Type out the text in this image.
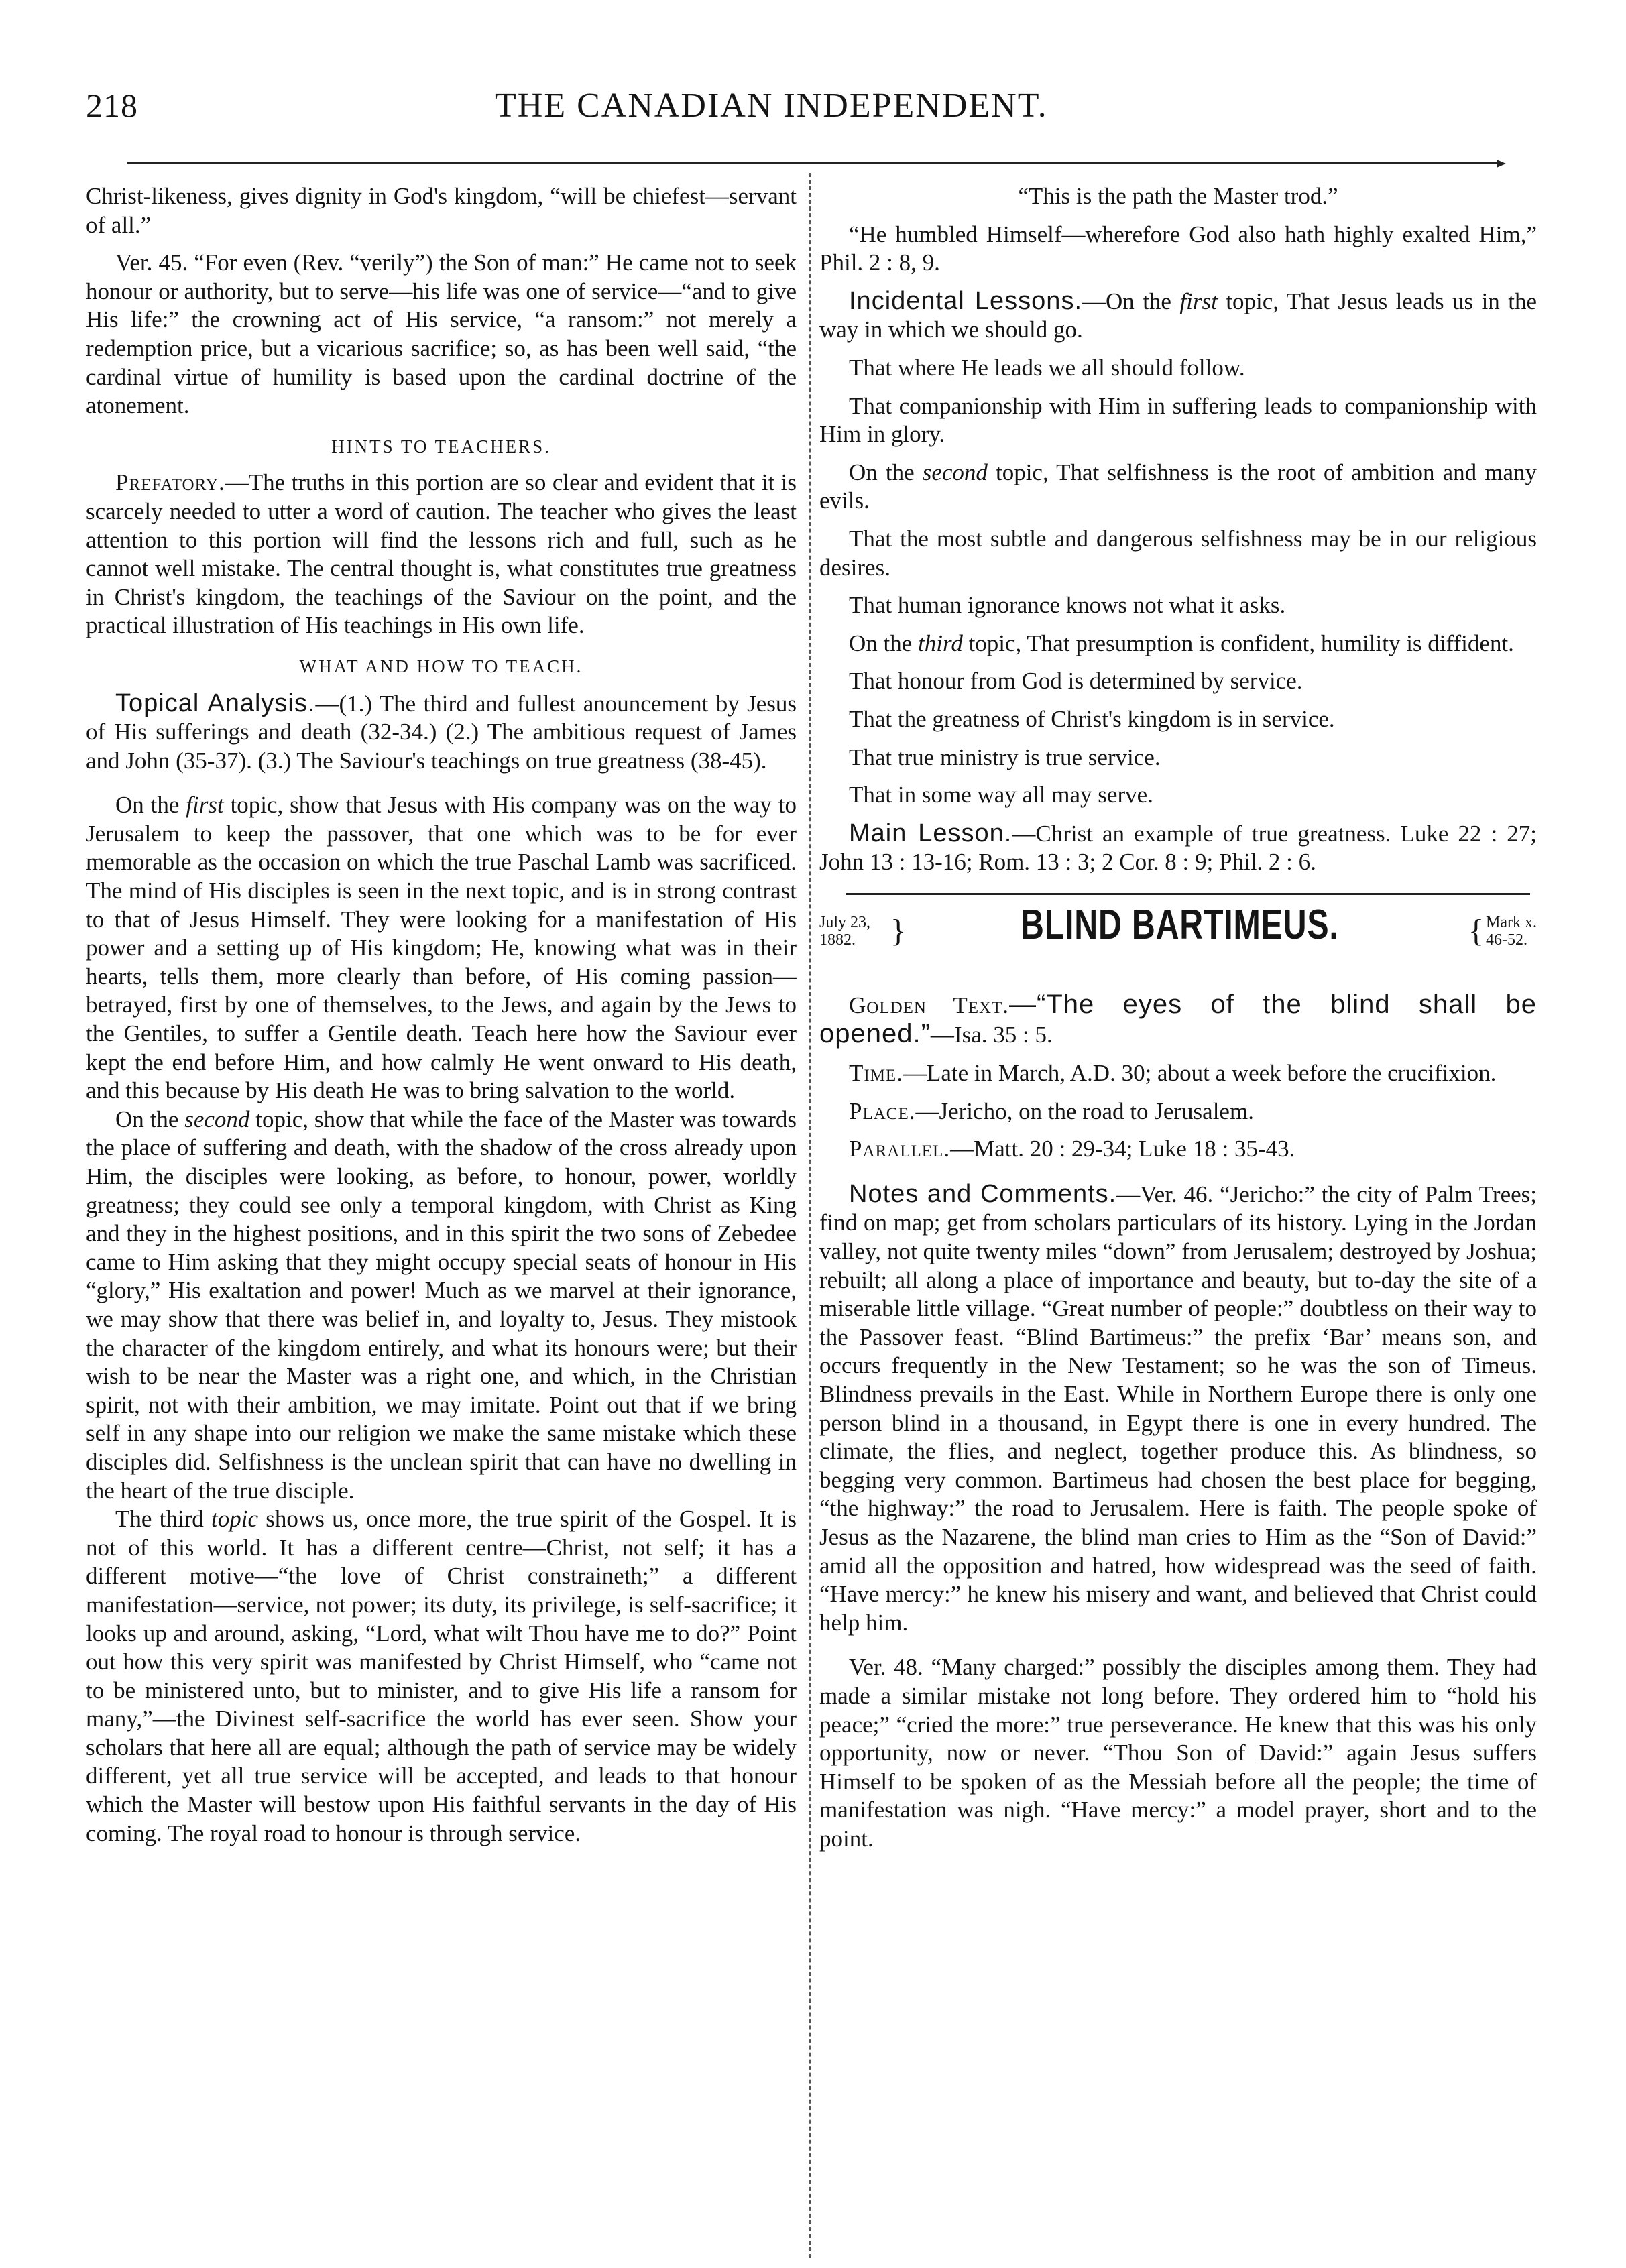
218	THE CANADIAN INDEPENDENT.

Christ-likeness, gives dignity in God's kingdom, “will be chiefest—servant of all.”

Ver. 45. “For even (Rev. “verily”) the Son of man:” He came not to seek honour or authority, but to serve—his life was one of service—“and to give His life:” the crowning act of His service, “a ransom:” not merely a redemption price, but a vicarious sacrifice; so, as has been well said, “the cardinal virtue of humility is based upon the cardinal doctrine of the atonement.

HINTS TO TEACHERS.

Prefatory.—The truths in this portion are so clear and evident that it is scarcely needed to utter a word of caution. The teacher who gives the least attention to this portion will find the lessons rich and full, such as he cannot well mistake. The central thought is, what constitutes true greatness in Christ's kingdom, the teachings of the Saviour on the point, and the practical illustration of His teachings in His own life.

WHAT AND HOW TO TEACH.

Topical Analysis.—(1.) The third and fullest anouncement by Jesus of His sufferings and death (32-34.) (2.) The ambitious request of James and John (35-37). (3.) The Saviour's teachings on true greatness (38-45).

On the first topic, show that Jesus with His company was on the way to Jerusalem to keep the passover, that one which was to be for ever memorable as the occasion on which the true Paschal Lamb was sacrificed. The mind of His disciples is seen in the next topic, and is in strong contrast to that of Jesus Himself. They were looking for a manifestation of His power and a setting up of His kingdom; He, knowing what was in their hearts, tells them, more clearly than before, of His coming passion—betrayed, first by one of themselves, to the Jews, and again by the Jews to the Gentiles, to suffer a Gentile death. Teach here how the Saviour ever kept the end before Him, and how calmly He went onward to His death, and this because by His death He was to bring salvation to the world.

On the second topic, show that while the face of the Master was towards the place of suffering and death, with the shadow of the cross already upon Him, the disciples were looking, as before, to honour, power, worldly greatness; they could see only a temporal kingdom, with Christ as King and they in the highest positions, and in this spirit the two sons of Zebedee came to Him asking that they might occupy special seats of honour in His “glory,” His exaltation and power! Much as we marvel at their ignorance, we may show that there was belief in, and loyalty to, Jesus. They mistook the character of the kingdom entirely, and what its honours were; but their wish to be near the Master was a right one, and which, in the Christian spirit, not with their ambition, we may imitate. Point out that if we bring self in any shape into our religion we make the same mistake which these disciples did. Selfishness is the unclean spirit that can have no dwelling in the heart of the true disciple.

The third topic shows us, once more, the true spirit of the Gospel. It is not of this world. It has a different centre—Christ, not self; it has a different motive—“the love of Christ constraineth;” a different manifestation—service, not power; its duty, its privilege, is self-sacrifice; it looks up and around, asking, “Lord, what wilt Thou have me to do?” Point out how this very spirit was manifested by Christ Himself, who “came not to be ministered unto, but to minister, and to give His life a ransom for many,”—the Divinest self-sacrifice the world has ever seen. Show your scholars that here all are equal; although the path of service may be widely different, yet all true service will be accepted, and leads to that honour which the Master will bestow upon His faithful servants in the day of His coming. The royal road to honour is through service.

“This is the path the Master trod.”

“He humbled Himself—wherefore God also hath highly exalted Him,” Phil. 2 : 8, 9.

Incidental Lessons.—On the first topic, That Jesus leads us in the way in which we should go.

That where He leads we all should follow.

That companionship with Him in suffering leads to companionship with Him in glory.

On the second topic, That selfishness is the root of ambition and many evils.

That the most subtle and dangerous selfishness may be in our religious desires.

That human ignorance knows not what it asks.

On the third topic, That presumption is confident, humility is diffident.

That honour from God is determined by service.

That the greatness of Christ's kingdom is in service.

That true ministry is true service.

That in some way all may serve.

Main Lesson.—Christ an example of true greatness. Luke 22 : 27; John 13 : 13-16; Rom. 13 : 3; 2 Cor. 8 : 9; Phil. 2 : 6.

July 23,
1882.
}	BLIND BARTIMEUS.
{	Mark x.
46-52.

Golden Text.—“The eyes of the blind shall be opened.”—Isa. 35 : 5.

Time.—Late in March, A.D. 30; about a week before the crucifixion.

Place.—Jericho, on the road to Jerusalem.

Parallel.—Matt. 20 : 29-34; Luke 18 : 35-43.

Notes and Comments.—Ver. 46. “Jericho:” the city of Palm Trees; find on map; get from scholars particulars of its history. Lying in the Jordan valley, not quite twenty miles “down” from Jerusalem; destroyed by Joshua; rebuilt; all along a place of importance and beauty, but to-day the site of a miserable little village. “Great number of people:” doubtless on their way to the Passover feast. “Blind Bartimeus:” the prefix ‘Bar’ means son, and occurs frequently in the New Testament; so he was the son of Timeus. Blindness prevails in the East. While in Northern Europe there is only one person blind in a thousand, in Egypt there is one in every hundred. The climate, the flies, and neglect, together produce this. As blindness, so begging very common. Bartimeus had chosen the best place for begging, “the highway:” the road to Jerusalem. Here is faith. The people spoke of Jesus as the Nazarene, the blind man cries to Him as the “Son of David:” amid all the opposition and hatred, how widespread was the seed of faith. “Have mercy:” he knew his misery and want, and believed that Christ could help him.

Ver. 48. “Many charged:” possibly the disciples among them. They had made a similar mistake not long before. They ordered him to “hold his peace;” “cried the more:” true perseverance. He knew that this was his only opportunity, now or never. “Thou Son of David:” again Jesus suffers Himself to be spoken of as the Messiah before all the people; the time of manifestation was nigh. “Have mercy:” a model prayer, short and to the point.
